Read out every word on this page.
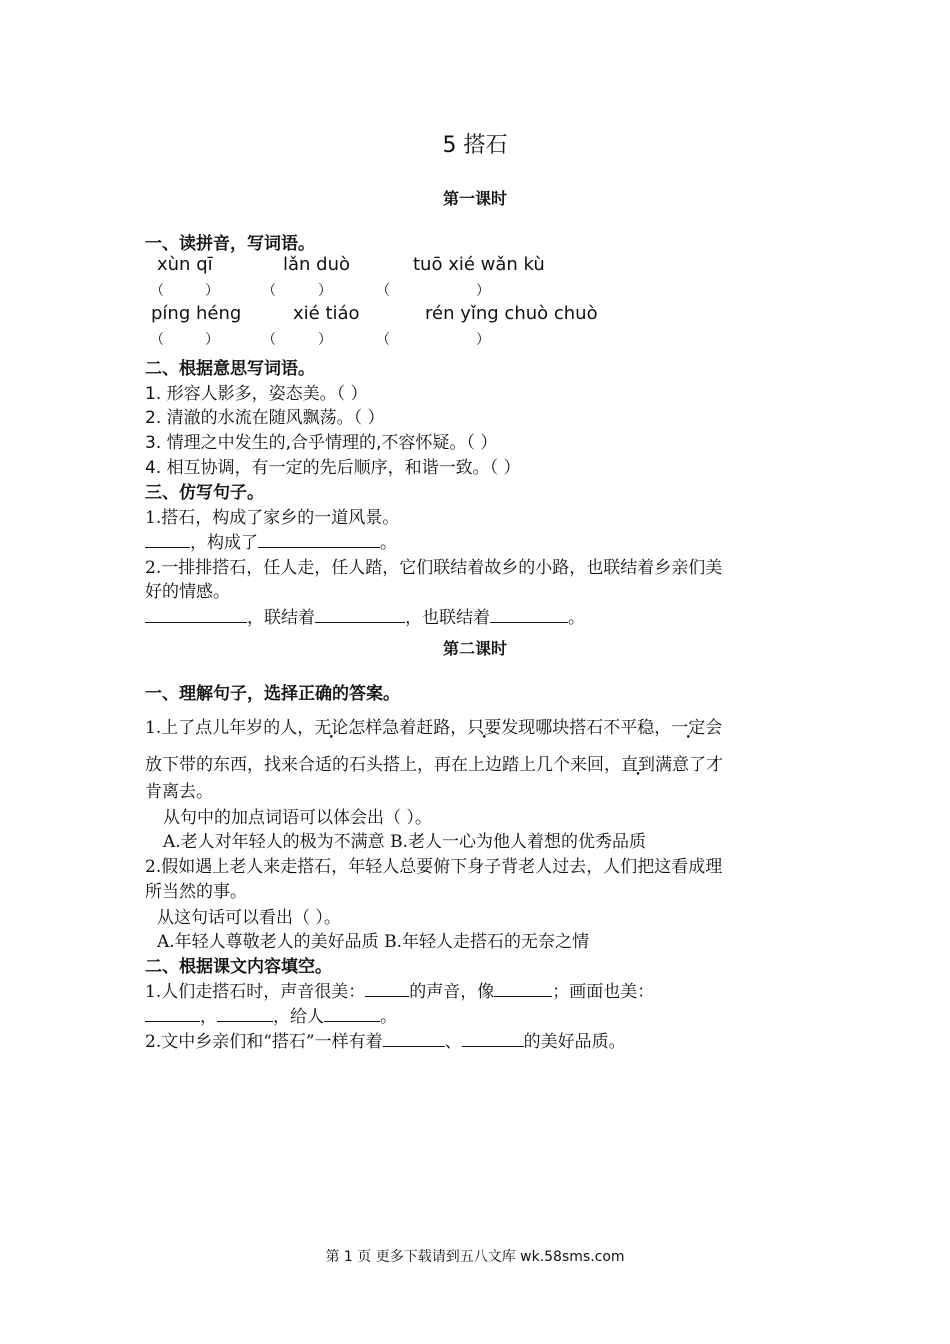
5 搭石
第一课时
一、读拼音，写词语。
xùn qī	lǎn duò	tuō xié wǎn kù
（	）	（	）	（	）
píng héng	xié tiáo	rén yǐng chuò chuò
（	）	（	）	（	）
二、根据意思写词语。
1. 形容人影多，姿态美。（ ）
2. 清澈的水流在随风飘荡。（ ）
3. 情理之中发生的,合乎情理的,不容怀疑。（ ）
4. 相互协调，有一定的先后顺序，和谐一致。（ ）
三、仿写句子。
1.搭石，构成了家乡的一道风景。
，构成了	。
2.一排排搭石，任人走，任人踏，它们联结着故乡的小路，也联结着乡亲们美
好的情感。
，联结着	，也联结着	。
第二课时
一、理解句子，选择正确的答案。
1.上了点儿年岁的人，无论怎样急着赶路，只要发现哪块搭石不平稳，一定会
放下带的东西，找来合适的石头搭上，再在上边踏上几个来回，直到满意了才
肯离去。
从句中的加点词语可以体会出（ ）。
A.老人对年轻人的极为不满意 B.老人一心为他人着想的优秀品质
2.假如遇上老人来走搭石，年轻人总要俯下身子背老人过去，人们把这看成理
所当然的事。
从这句话可以看出（ ）。
A.年轻人尊敬老人的美好品质 B.年轻人走搭石的无奈之情
二、根据课文内容填空。
1.人们走搭石时，声音很美：	的声音，像	；画面也美：
，	，给人	。
2.文中乡亲们和“搭石”一样有着	、	的美好品质。
第 1 页 更多下载请到五八文库 wk.58sms.com
